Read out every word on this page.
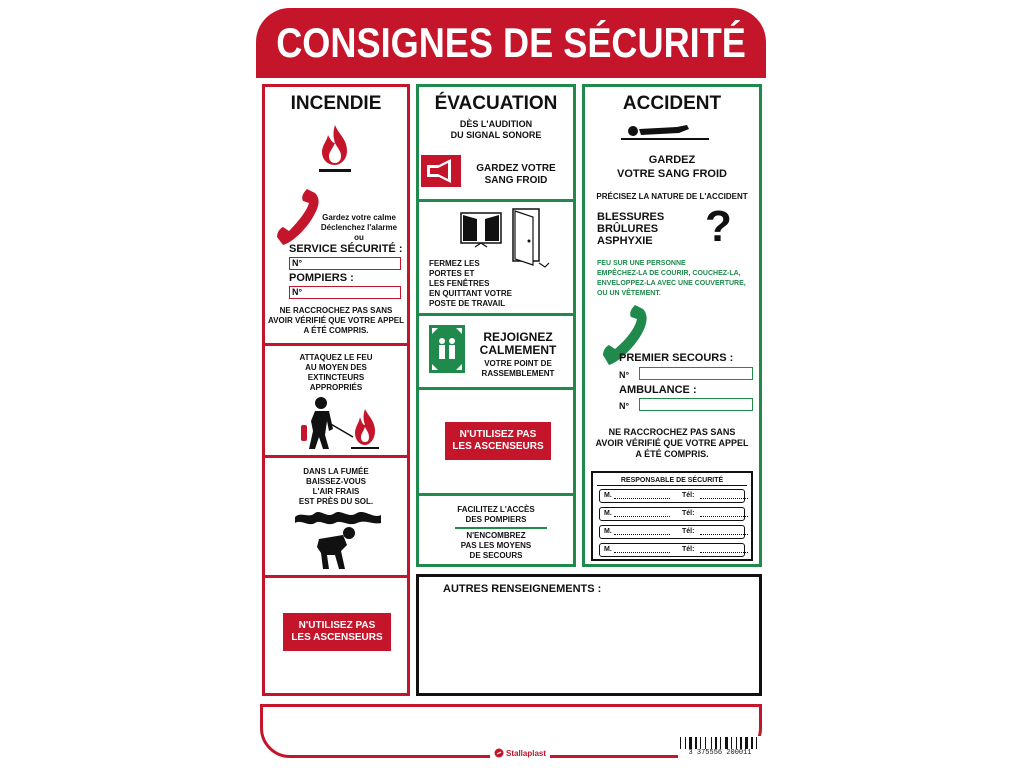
CONSIGNES DE SÉCURITÉ
INCENDIE
Gardez votre calme
Déclenchez l'alarme
ou
SERVICE SÉCURITÉ :
N°
POMPIERS :
N°
NE RACCROCHEZ PAS SANS
AVOIR VÉRIFIÉ QUE VOTRE APPEL
A ÉTÉ COMPRIS.
ATTAQUEZ LE FEU
AU MOYEN DES
EXTINCTEURS
APPROPRIÉS
DANS LA FUMÉE
BAISSEZ-VOUS
L'AIR FRAIS
EST PRÈS DU SOL.
N'UTILISEZ PAS
LES ASCENSEURS
ÉVACUATION
DÈS L'AUDITION
DU SIGNAL SONORE
GARDEZ VOTRE
SANG FROID
FERMEZ LES
PORTES ET
LES FENÊTRES
EN QUITTANT VOTRE
POSTE DE TRAVAIL
REJOIGNEZ
CALMEMENT
VOTRE POINT DE
RASSEMBLEMENT
N'UTILISEZ PAS
LES ASCENSEURS
FACILITEZ L'ACCÈS
DES POMPIERS
N'ENCOMBREZ
PAS LES MOYENS
DE SECOURS
ACCIDENT
GARDEZ
VOTRE SANG FROID
PRÉCISEZ LA NATURE DE L'ACCIDENT
BLESSURES
BRÛLURES
ASPHYXIE	?
FEU SUR UNE PERSONNE
EMPÊCHEZ-LA DE COURIR, COUCHEZ-LA,
ENVELOPPEZ-LA AVEC UNE COUVERTURE,
OU UN VÊTEMENT.
PREMIER SECOURS :
N°
AMBULANCE :
N°
NE RACCROCHEZ PAS SANS
AVOIR VÉRIFIÉ QUE VOTRE APPEL
A ÉTÉ COMPRIS.
RESPONSABLE DE SÉCURITÉ
M.	Tél:
M.	Tél:
M.	Tél:
M.	Tél:
AUTRES RENSEIGNEMENTS :
Stallaplast	3 375556 200011
